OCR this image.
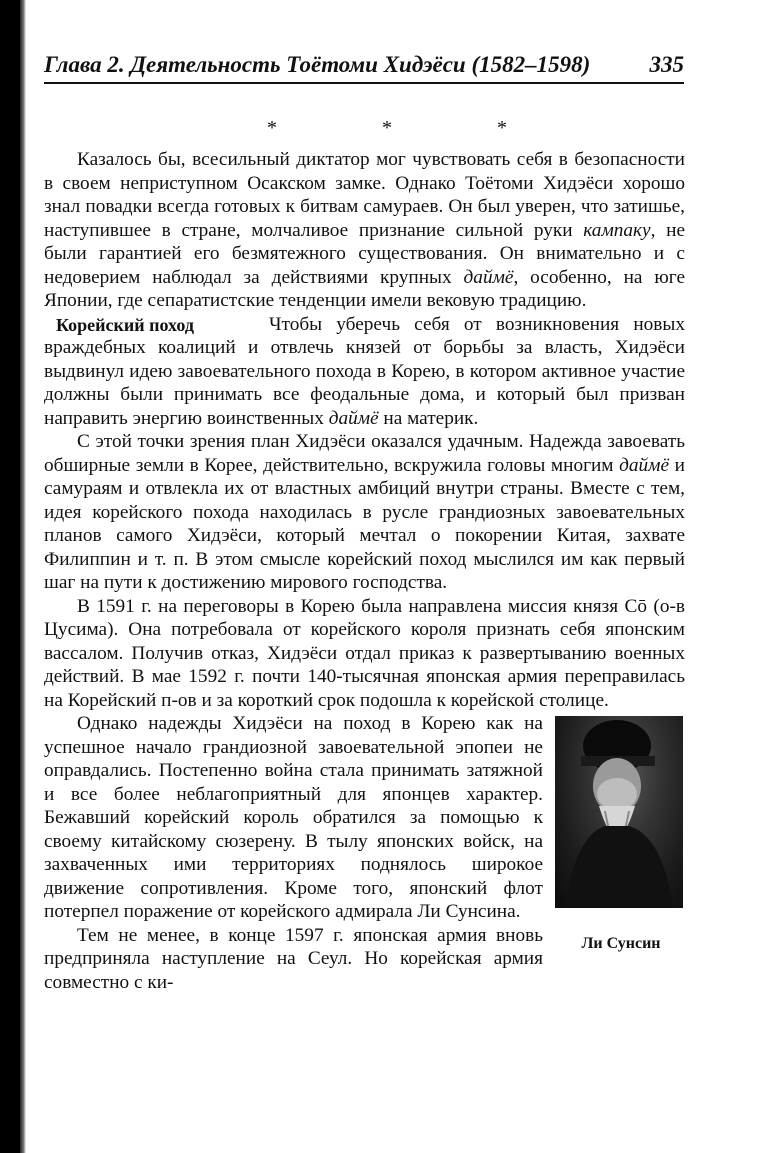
Глава 2. Деятельность Тоётоми Хидэёси (1582–1598)	335
* * *

Казалось бы, всесильный диктатор мог чувствовать себя в безопасности в своем неприступном Осакском замке. Однако Тоётоми Хидэёси хорошо знал повадки всегда готовых к битвам самураев. Он был уверен, что затишье, наступившее в стране, молчаливое признание сильной руки кампаку, не были гарантией его безмятежного существования. Он внимательно и с недоверием наблюдал за действиями крупных даймё, особенно, на юге Японии, где сепаратистские тенденции имели вековую традицию.

Корейский поход	Чтобы уберечь себя от возникновения новых враждебных коалиций и отвлечь князей от борьбы за власть, Хидэёси выдвинул идею завоевательного похода в Корею, в котором активное участие должны были принимать все феодальные дома, и который был призван направить энергию воинственных даймё на материк.

С этой точки зрения план Хидэёси оказался удачным. Надежда завоевать обширные земли в Корее, действительно, вскружила головы многим даймё и самураям и отвлекла их от властных амбиций внутри страны. Вместе с тем, идея корейского похода находилась в русле грандиозных завоевательных планов самого Хидэёси, который мечтал о покорении Китая, захвате Филиппин и т. п. В этом смысле корейский поход мыслился им как первый шаг на пути к достижению мирового господства.

В 1591 г. на переговоры в Корею была направлена миссия князя Сō (о-в Цусима). Она потребовала от корейского короля признать себя японским вассалом. Получив отказ, Хидэёси отдал приказ к развертыванию военных действий. В мае 1592 г. почти 140-тысячная японская армия переправилась на Корейский п-ов и за короткий срок подошла к корейской столице.

Ли Сунсин

Однако надежды Хидэёси на поход в Корею как на успешное начало грандиозной завоевательной эпопеи не оправдались. Постепенно война стала принимать затяжной и все более неблагоприятный для японцев характер. Бежавший корейский король обратился за помощью к своему китайскому сюзерену. В тылу японских войск, на захваченных ими территориях поднялось широкое движение сопротивления. Кроме того, японский флот потерпел поражение от корейского адмирала Ли Сунсина.

Тем не менее, в конце 1597 г. японская армия вновь предприняла наступление на Сеул. Но корейская армия совместно с ки-
